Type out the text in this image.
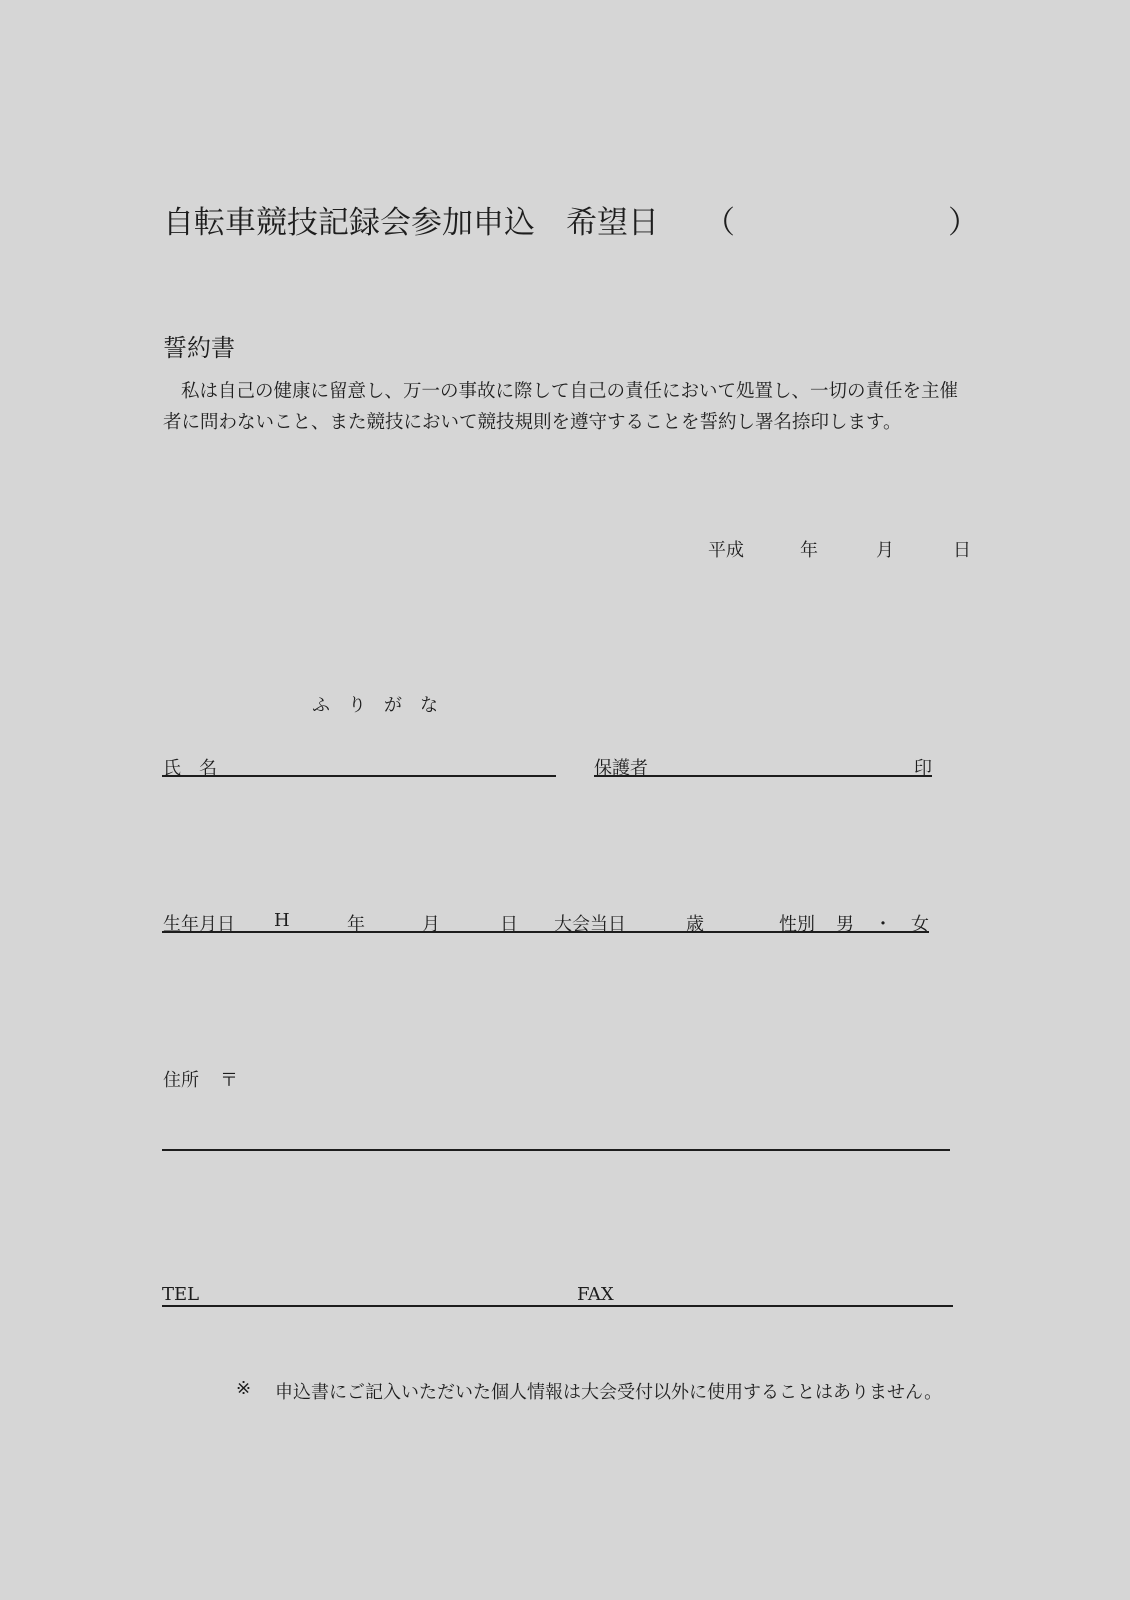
自転車競技記録会参加申込　希望日 （	）
誓約書
私は自己の健康に留意し、万一の事故に際して自己の責任において処置し、一切の責任を主催者に問わないこと、また競技において競技規則を遵守することを誓約し署名捺印します。
平成	年	月	日
ふ　り　が　な
氏　名	保護者	印
生年月日 H	年	月	日 大会当日	歳	性別 男 ・ 女
住所 〒
TEL	FAX
※ 申込書にご記入いただいた個人情報は大会受付以外に使用することはありません。
